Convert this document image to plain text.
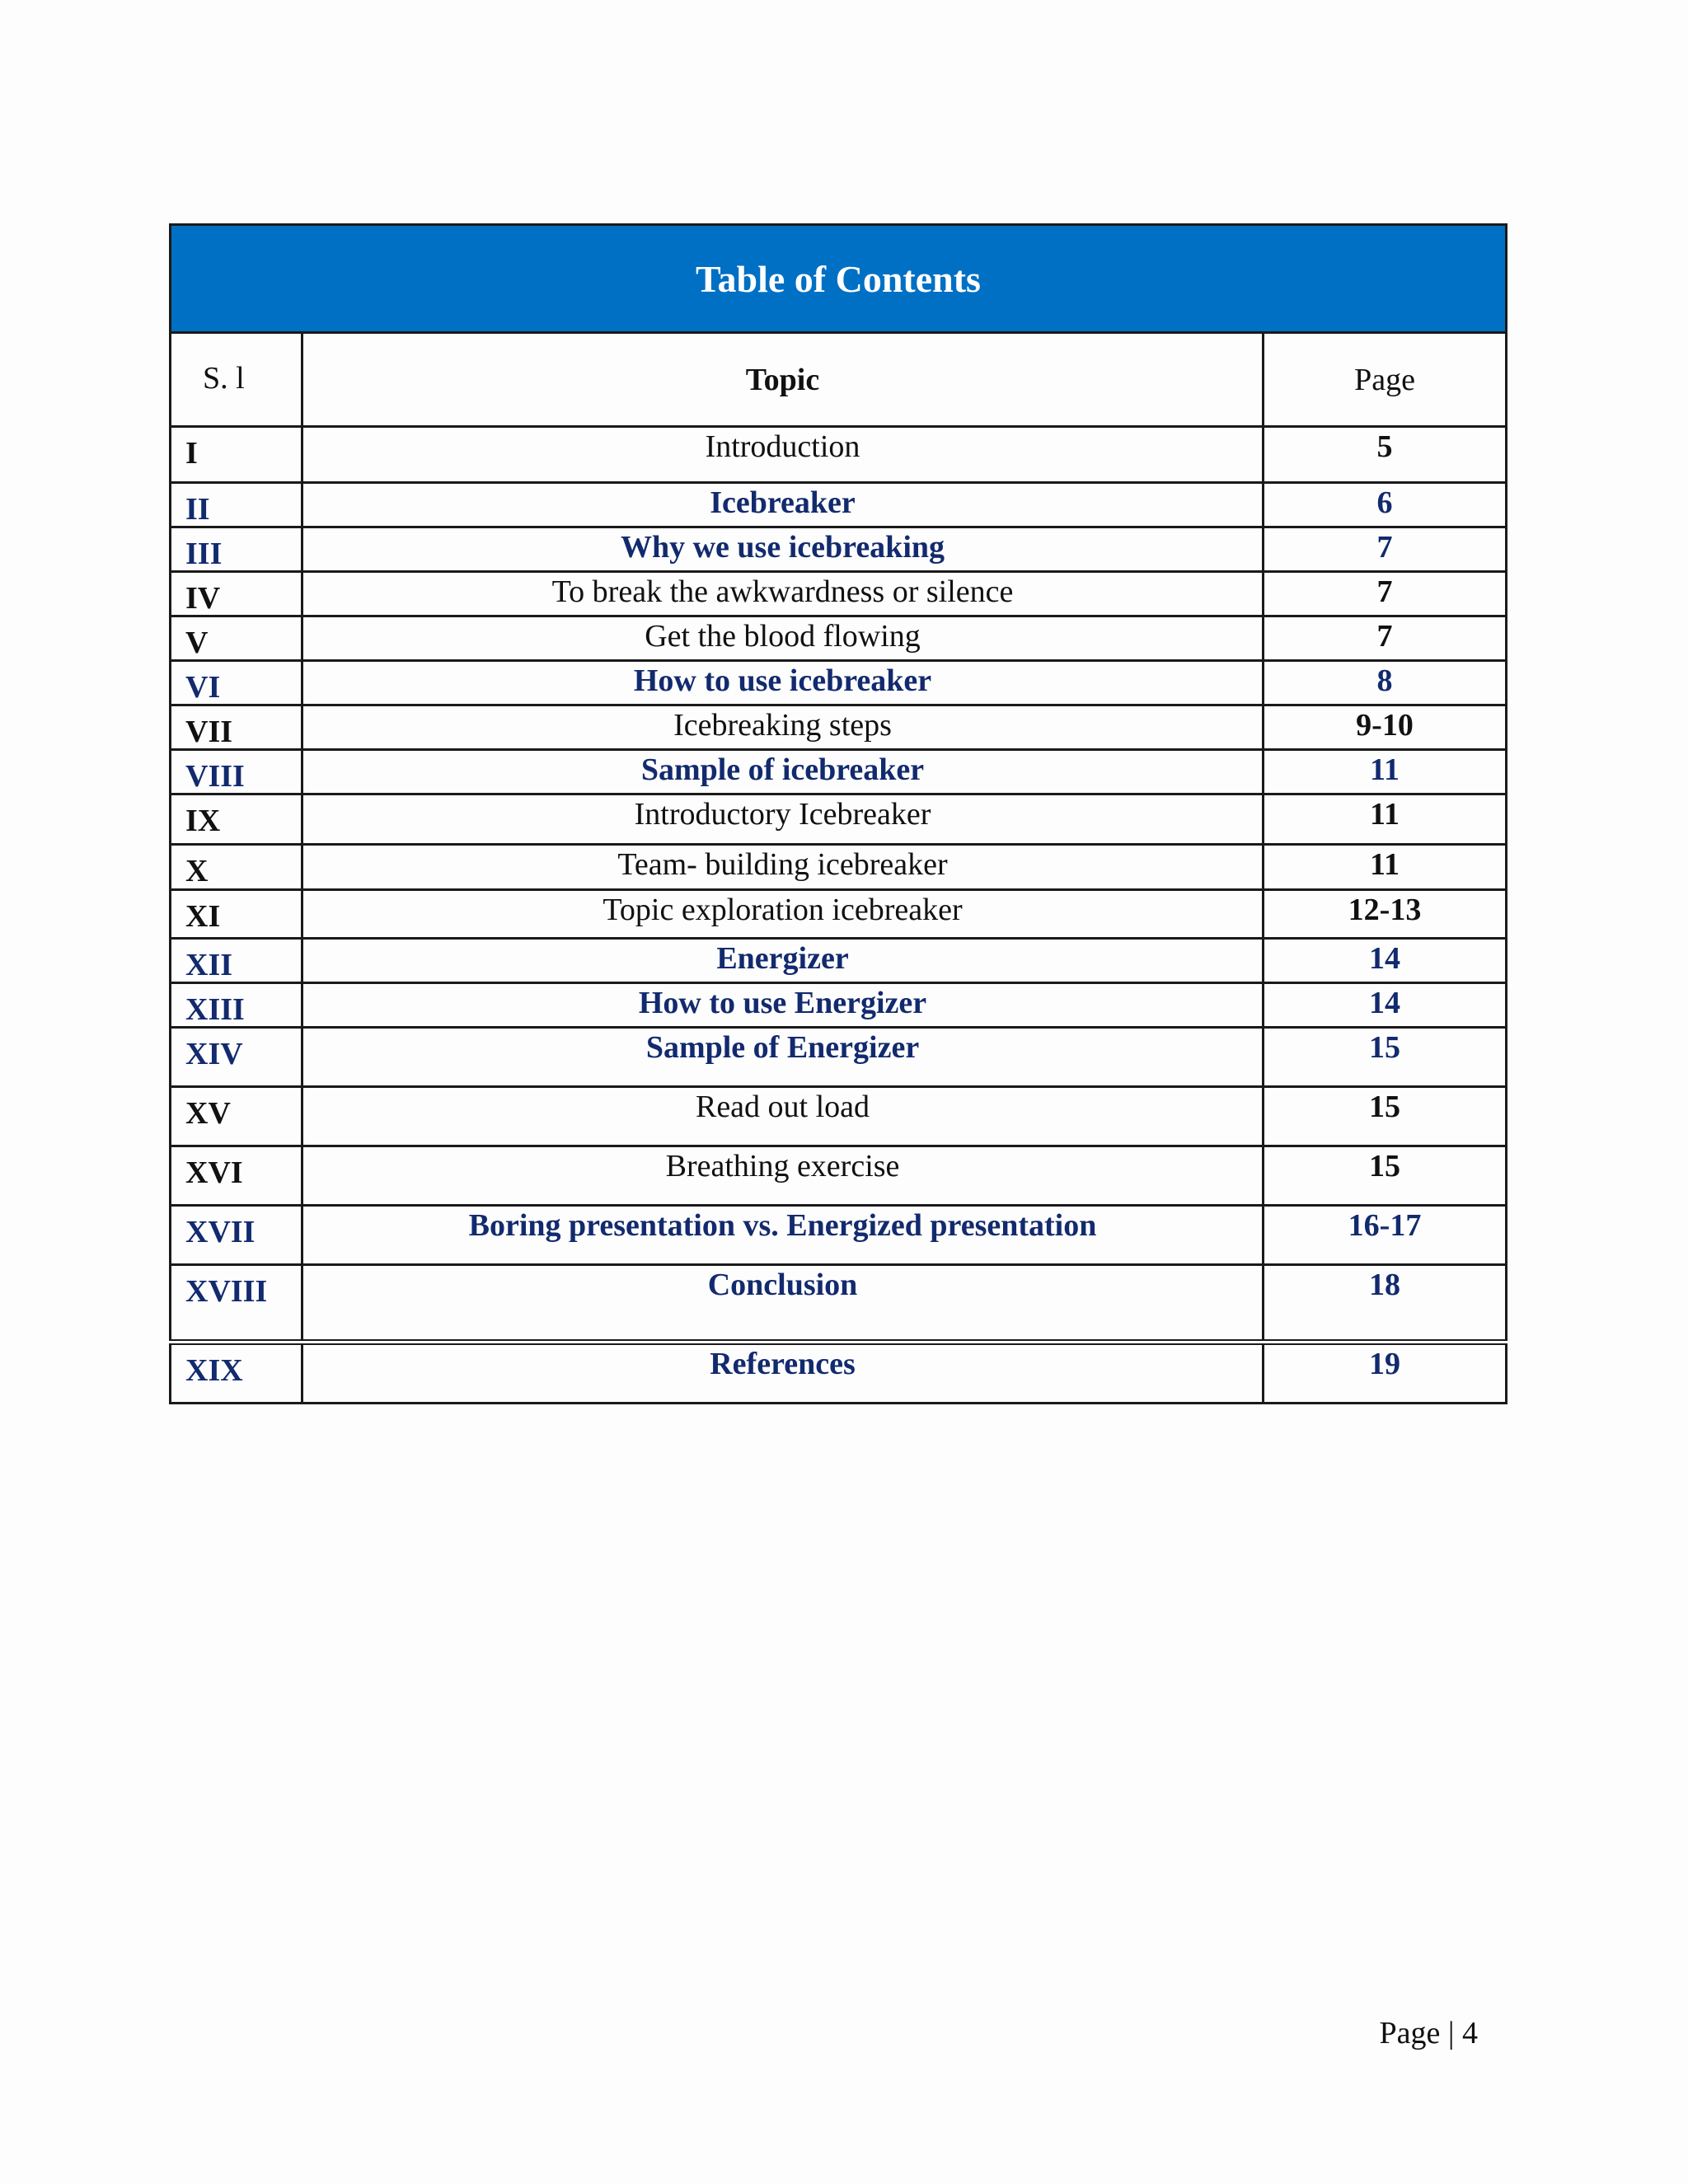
Table of Contents		
S. l	Topic	Page
I	Introduction	5
II	Icebreaker	6
III	Why we use icebreaking	7
IV	To break the awkwardness or silence	7
V	Get the blood flowing	7
VI	How to use icebreaker	8
VII	Icebreaking steps	9-10
VIII	Sample of icebreaker	11
IX	Introductory Icebreaker	11
X	Team- building icebreaker	11
XI	Topic exploration icebreaker	12-13
XII	Energizer	14
XIII	How to use Energizer	14
XIV	Sample of Energizer	15
XV	Read out load	15
XVI	Breathing exercise	15
XVII	Boring presentation vs. Energized presentation	16-17
XVIII	Conclusion	18
XIX	References	19
Page | 4
